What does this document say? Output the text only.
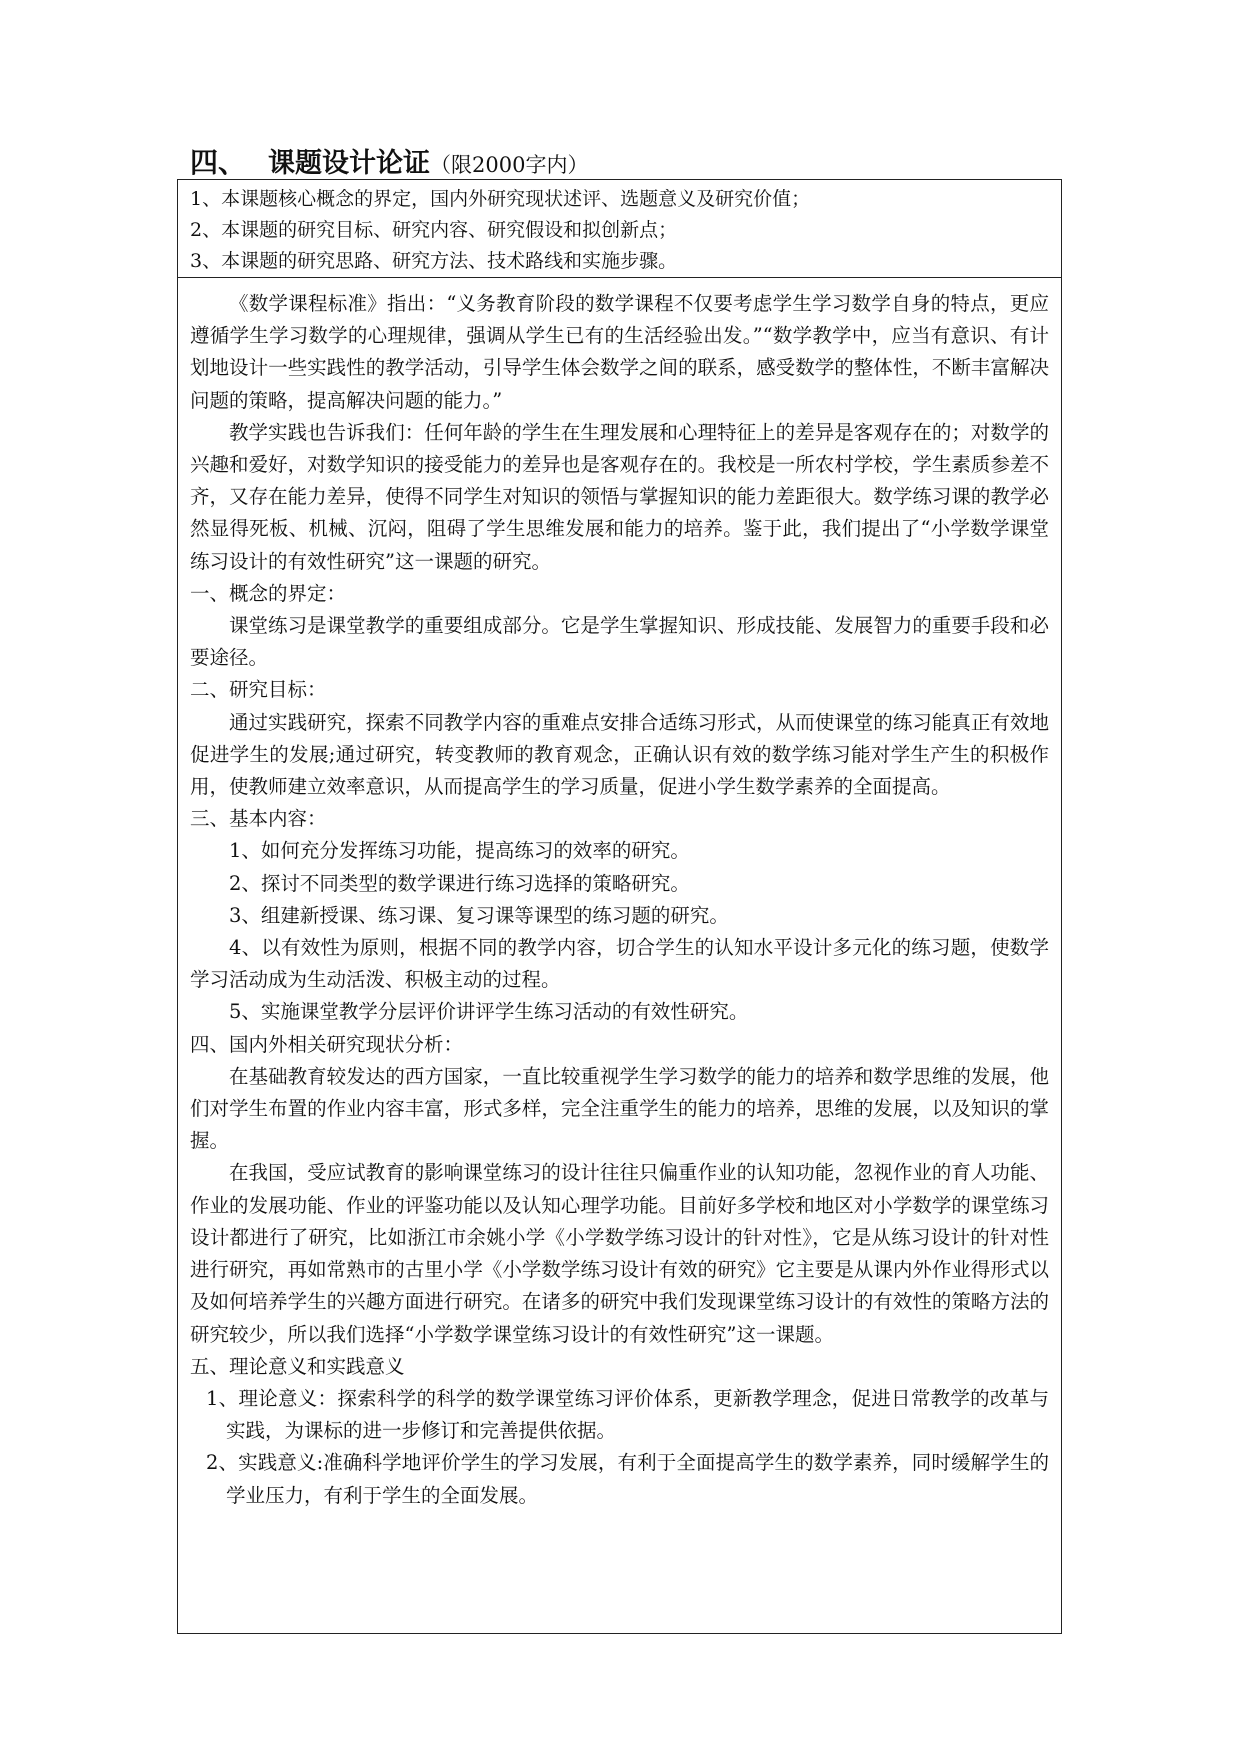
四、 课题设计论证（限2000字内）
1、本课题核心概念的界定，国内外研究现状述评、选题意义及研究价值；
2、本课题的研究目标、研究内容、研究假设和拟创新点；
3、本课题的研究思路、研究方法、技术路线和实施步骤。

《数学课程标准》指出：“义务教育阶段的数学课程不仅要考虑学生学习数学自身的特点，更应遵循学生学习数学的心理规律，强调从学生已有的生活经验出发。”“数学教学中，应当有意识、有计划地设计一些实践性的教学活动，引导学生体会数学之间的联系，感受数学的整体性，不断丰富解决问题的策略，提高解决问题的能力。”

教学实践也告诉我们：任何年龄的学生在生理发展和心理特征上的差异是客观存在的；对数学的兴趣和爱好，对数学知识的接受能力的差异也是客观存在的。我校是一所农村学校，学生素质参差不齐，又存在能力差异，使得不同学生对知识的领悟与掌握知识的能力差距很大。数学练习课的教学必然显得死板、机械、沉闷，阻碍了学生思维发展和能力的培养。鉴于此，我们提出了“小学数学课堂练习设计的有效性研究”这一课题的研究。

一、概念的界定：

课堂练习是课堂教学的重要组成部分。它是学生掌握知识、形成技能、发展智力的重要手段和必要途径。

二、研究目标：

通过实践研究，探索不同教学内容的重难点安排合适练习形式，从而使课堂的练习能真正有效地促进学生的发展;通过研究，转变教师的教育观念，正确认识有效的数学练习能对学生产生的积极作用，使教师建立效率意识，从而提高学生的学习质量，促进小学生数学素养的全面提高。

三、基本内容：

1、如何充分发挥练习功能，提高练习的效率的研究。

2、探讨不同类型的数学课进行练习选择的策略研究。

3、组建新授课、练习课、复习课等课型的练习题的研究。

4、以有效性为原则，根据不同的教学内容，切合学生的认知水平设计多元化的练习题，使数学学习活动成为生动活泼、积极主动的过程。

5、实施课堂教学分层评价讲评学生练习活动的有效性研究。

四、国内外相关研究现状分析：

在基础教育较发达的西方国家，一直比较重视学生学习数学的能力的培养和数学思维的发展，他们对学生布置的作业内容丰富，形式多样，完全注重学生的能力的培养，思维的发展，以及知识的掌握。

在我国，受应试教育的影响课堂练习的设计往往只偏重作业的认知功能，忽视作业的育人功能、作业的发展功能、作业的评鉴功能以及认知心理学功能。目前好多学校和地区对小学数学的课堂练习设计都进行了研究，比如浙江市余姚小学《小学数学练习设计的针对性》，它是从练习设计的针对性进行研究，再如常熟市的古里小学《小学数学练习设计有效的研究》它主要是从课内外作业得形式以及如何培养学生的兴趣方面进行研究。在诸多的研究中我们发现课堂练习设计的有效性的策略方法的研究较少，所以我们选择“小学数学课堂练习设计的有效性研究”这一课题。

五、理论意义和实践意义

1、理论意义：探索科学的科学的数学课堂练习评价体系，更新教学理念，促进日常教学的改革与实践，为课标的进一步修订和完善提供依据。

2、实践意义:准确科学地评价学生的学习发展，有利于全面提高学生的数学素养，同时缓解学生的学业压力，有利于学生的全面发展。
